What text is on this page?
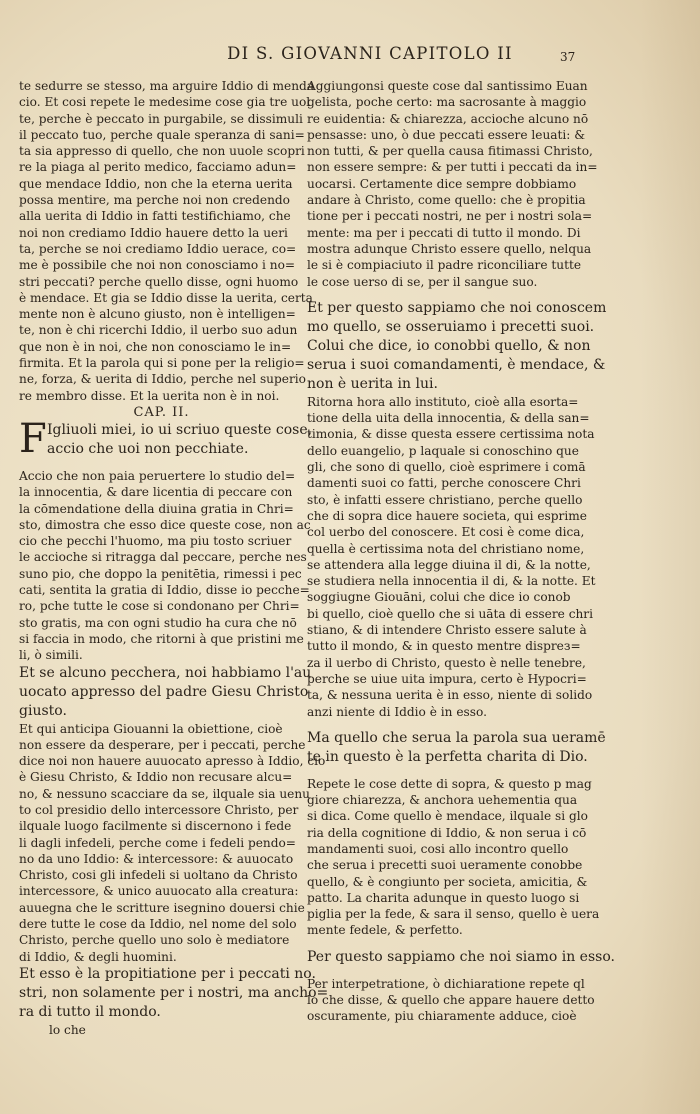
DI S. GIOVANNI CAPITOLO II	37
te sedurre se stesso, ma arguire Iddio di menda
cio. Et cosi repete le medesime cose gia tre uol
te, perche è peccato in purgabile, se dissimuli
il peccato tuo, perche quale speranza di sani=
ta sia appresso di quello, che non uuole scopri
re la piaga al perito medico, facciamo adun=
que mendace Iddio, non che la eterna uerita
possa mentire, ma perche noi non credendo
alla uerita di Iddio in fatti testifichiamo, che
noi non crediamo Iddio hauere detto la ueri
ta, perche se noi crediamo Iddio uerace, co=
me è possibile che noi non conosciamo i no=
stri peccati? perche quello disse, ogni huomo
è mendace. Et gia se Iddio disse la uerita, certa
mente non è alcuno giusto, non è intelligen=
te, non è chi ricerchi Iddio, il uerbo suo adun
que non è in noi, che non conosciamo le in=
firmita. Et la parola qui si pone per la religio=
ne, forza, & uerita di Iddio, perche nel superio
re membro disse. Et la uerita non è in noi.
CAP. II.
F Igliuoli miei, io ui scriuo queste cose,
accio che uoi non pecchiate.
Accio che non paia peruertere lo studio del=
la innocentia, & dare licentia di peccare con
la cōmendatione della diuina gratia in Chri=
sto, dimostra che esso dice queste cose, non ac
cio che pecchi l'huomo, ma piu tosto scriuer
le accioche si ritragga dal peccare, perche nes
suno pio, che doppo la penitētia, rimessi i pec
cati, sentita la gratia di Iddio, disse io pecche=
ro, pche tutte le cose si condonano per Chri=
sto gratis, ma con ogni studio ha cura che nō
si faccia in modo, che ritorni à que pristini me
li, ò simili.
Et se alcuno pecchera, noi habbiamo l'au
uocato appresso del padre Giesu Christo
giusto.
Et qui anticipa Giouanni la obiettione, cioè
non essere da desperare, per i peccati, perche
dice noi non hauere auuocato apresso à Iddio, cio
è Giesu Christo, & Iddio non recusare alcu=
no, & nessuno scacciare da se, ilquale sia uenu
to col presidio dello intercessore Christo, per
ilquale luogo facilmente si discernono i fede
li dagli infedeli, perche come i fedeli pendo=
no da uno Iddio: & intercessore: & auuocato
Christo, cosi gli infedeli si uoltano da Christo
intercessore, & unico auuocato alla creatura:
auuegna che le scritture isegnino douersi chie
dere tutte le cose da Iddio, nel nome del solo
Christo, perche quello uno solo è mediatore
di Iddio, & degli huomini.
Et esso è la propitiatione per i peccati no.
stri, non solamente per i nostri, ma ancho=
ra di tutto il mondo.
lo che
Aggiungonsi queste cose dal santissimo Euan
gelista, poche certo: ma sacrosante à maggio
re euidentia: & chiarezza, accioche alcuno nō
pensasse: uno, ò due peccati essere leuati: &
non tutti, & per quella causa fitimassi Christo,
non essere sempre: & per tutti i peccati da in=
uocarsi. Certamente dice sempre dobbiamo
andare à Christo, come quello: che è propitia
tione per i peccati nostri, ne per i nostri sola=
mente: ma per i peccati di tutto il mondo. Di
mostra adunque Christo essere quello, nelqua
le si è compiaciuto il padre riconciliare tutte
le cose uerso di se, per il sangue suo.
Et per questo sappiamo che noi conoscem
mo quello, se osseruiamo i precetti suoi.
Colui che dice, io conobbi quello, & non
serua i suoi comandamenti, è mendace, &
non è uerita in lui.
Ritorna hora allo instituto, cioè alla esorta=
tione della uita della innocentia, & della san=
timonia, & disse questa essere certissima nota
dello euangelio, p laquale si conoschino que
gli, che sono di quello, cioè esprimere i comā
damenti suoi co fatti, perche conoscere Chri
sto, è infatti essere christiano, perche quello
che di sopra dice hauere societa, qui esprime
col uerbo del conoscere. Et cosi è come dica,
quella è certissima nota del christiano nome,
se attendera alla legge diuina il di, & la notte,
se studiera nella innocentia il di, & la notte. Et
soggiugne Giouāni, colui che dice io conob
bi quello, cioè quello che si uāta di essere chri
stiano, & di intendere Christo essere salute à
tutto il mondo, & in questo mentre dispreз=
za il uerbo di Christo, questo è nelle tenebre,
perche se uiue uita impura, certo è Hypocri=
ta, & nessuna uerita è in esso, niente di solido
anzi niente di Iddio è in esso.
Ma quello che serua la parola sua ueramē
te in questo è la perfetta charita di Dio.
Repete le cose dette di sopra, & questo p mag
giore chiarezza, & anchora uehementia qua
si dica. Come quello è mendace, ilquale si glo
ria della cognitione di Iddio, & non serua i cō
mandamenti suoi, cosi allo incontro quello
che serua i precetti suoi ueramente conobbe
quello, & è congiunto per societa, amicitia, &
patto. La charita adunque in questo luogo si
piglia per la fede, & sara il senso, quello è uera
mente fedele, & perfetto.
Per questo sappiamo che noi siamo in esso.
Per interpetratione, ò dichiaratione repete ql
lo che disse, & quello che appare hauere detto
oscuramente, piu chiaramente adduce, cioè
